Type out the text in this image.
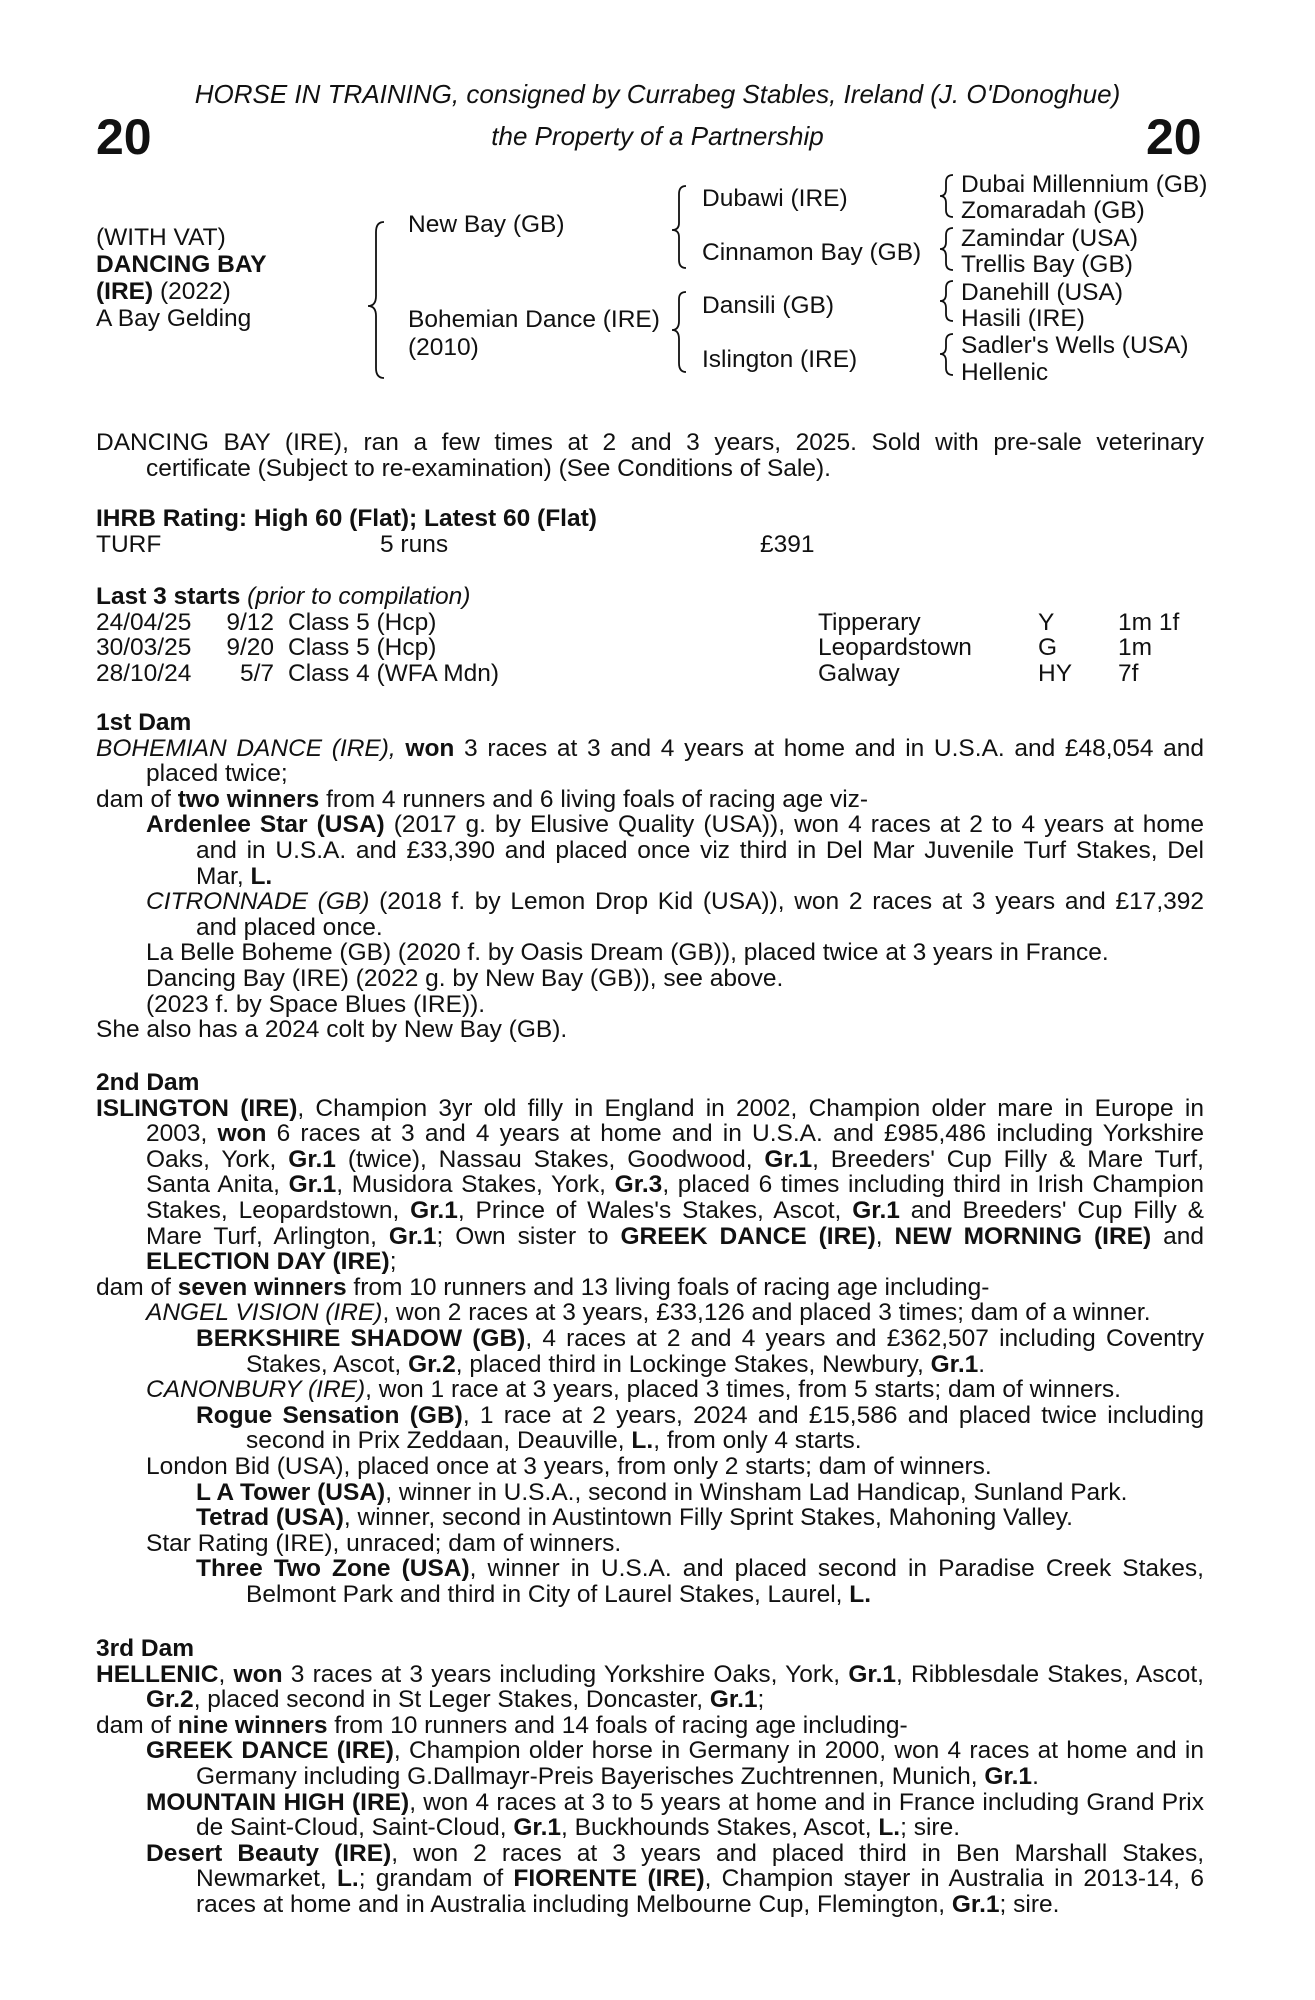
20	20
HORSE IN TRAINING, consigned by Currabeg Stables, Ireland (J. O'Donoghue)
the Property of a Partnership
(WITH VAT)
DANCING BAY
(IRE) (2022)
A Bay Gelding
New Bay (GB)
Bohemian Dance (IRE)
(2010)
Dubawi (IRE)
Cinnamon Bay (GB)
Dansili (GB)
Islington (IRE)
Dubai Millennium (GB)
Zomaradah (GB)
Zamindar (USA)
Trellis Bay (GB)
Danehill (USA)
Hasili (IRE)
Sadler's Wells (USA)
Hellenic
DANCING BAY (IRE), ran a few times at 2 and 3 years, 2025. Sold with pre-sale veterinary
certificate (Subject to re-examination) (See Conditions of Sale).
IHRB Rating: High 60 (Flat); Latest 60 (Flat)
TURF	5 runs	£391
Last 3 starts (prior to compilation)
24/04/25 9/12 Class 5 (Hcp)	Tipperary	Y	1m 1f
30/03/25 9/20 Class 5 (Hcp)	Leopardstown	G 1m
28/10/24 5/7 Class 4 (WFA Mdn)	Galway	HY 7f
1st Dam
BOHEMIAN DANCE (IRE), won 3 races at 3 and 4 years at home and in U.S.A. and £48,054 and placed twice;
dam of two winners from 4 runners and 6 living foals of racing age viz-
Ardenlee Star (USA) (2017 g. by Elusive Quality (USA)), won 4 races at 2 to 4 years at home and in U.S.A. and £33,390 and placed once viz third in Del Mar Juvenile Turf Stakes, Del Mar, L.
CITRONNADE (GB) (2018 f. by Lemon Drop Kid (USA)), won 2 races at 3 years and £17,392 and placed once.
La Belle Boheme (GB) (2020 f. by Oasis Dream (GB)), placed twice at 3 years in France.
Dancing Bay (IRE) (2022 g. by New Bay (GB)), see above.
(2023 f. by Space Blues (IRE)).
She also has a 2024 colt by New Bay (GB).
2nd Dam
ISLINGTON (IRE), Champion 3yr old filly in England in 2002, Champion older mare in Europe in 2003, won 6 races at 3 and 4 years at home and in U.S.A. and £985,486 including Yorkshire Oaks, York, Gr.1 (twice), Nassau Stakes, Goodwood, Gr.1, Breeders' Cup Filly & Mare Turf, Santa Anita, Gr.1, Musidora Stakes, York, Gr.3, placed 6 times including third in Irish Champion Stakes, Leopardstown, Gr.1, Prince of Wales's Stakes, Ascot, Gr.1 and Breeders' Cup Filly & Mare Turf, Arlington, Gr.1; Own sister to GREEK DANCE (IRE), NEW MORNING (IRE) and ELECTION DAY (IRE);
dam of seven winners from 10 runners and 13 living foals of racing age including-
ANGEL VISION (IRE), won 2 races at 3 years, £33,126 and placed 3 times; dam of a winner.
BERKSHIRE SHADOW (GB), 4 races at 2 and 4 years and £362,507 including Coventry Stakes, Ascot, Gr.2, placed third in Lockinge Stakes, Newbury, Gr.1.
CANONBURY (IRE), won 1 race at 3 years, placed 3 times, from 5 starts; dam of winners.
Rogue Sensation (GB), 1 race at 2 years, 2024 and £15,586 and placed twice including second in Prix Zeddaan, Deauville, L., from only 4 starts.
London Bid (USA), placed once at 3 years, from only 2 starts; dam of winners.
L A Tower (USA), winner in U.S.A., second in Winsham Lad Handicap, Sunland Park.
Tetrad (USA), winner, second in Austintown Filly Sprint Stakes, Mahoning Valley.
Star Rating (IRE), unraced; dam of winners.
Three Two Zone (USA), winner in U.S.A. and placed second in Paradise Creek Stakes, Belmont Park and third in City of Laurel Stakes, Laurel, L.
3rd Dam
HELLENIC, won 3 races at 3 years including Yorkshire Oaks, York, Gr.1, Ribblesdale Stakes, Ascot, Gr.2, placed second in St Leger Stakes, Doncaster, Gr.1;
dam of nine winners from 10 runners and 14 foals of racing age including-
GREEK DANCE (IRE), Champion older horse in Germany in 2000, won 4 races at home and in Germany including G.Dallmayr-Preis Bayerisches Zuchtrennen, Munich, Gr.1.
MOUNTAIN HIGH (IRE), won 4 races at 3 to 5 years at home and in France including Grand Prix de Saint-Cloud, Saint-Cloud, Gr.1, Buckhounds Stakes, Ascot, L.; sire.
Desert Beauty (IRE), won 2 races at 3 years and placed third in Ben Marshall Stakes, Newmarket, L.; grandam of FIORENTE (IRE), Champion stayer in Australia in 2013-14, 6 races at home and in Australia including Melbourne Cup, Flemington, Gr.1; sire.
